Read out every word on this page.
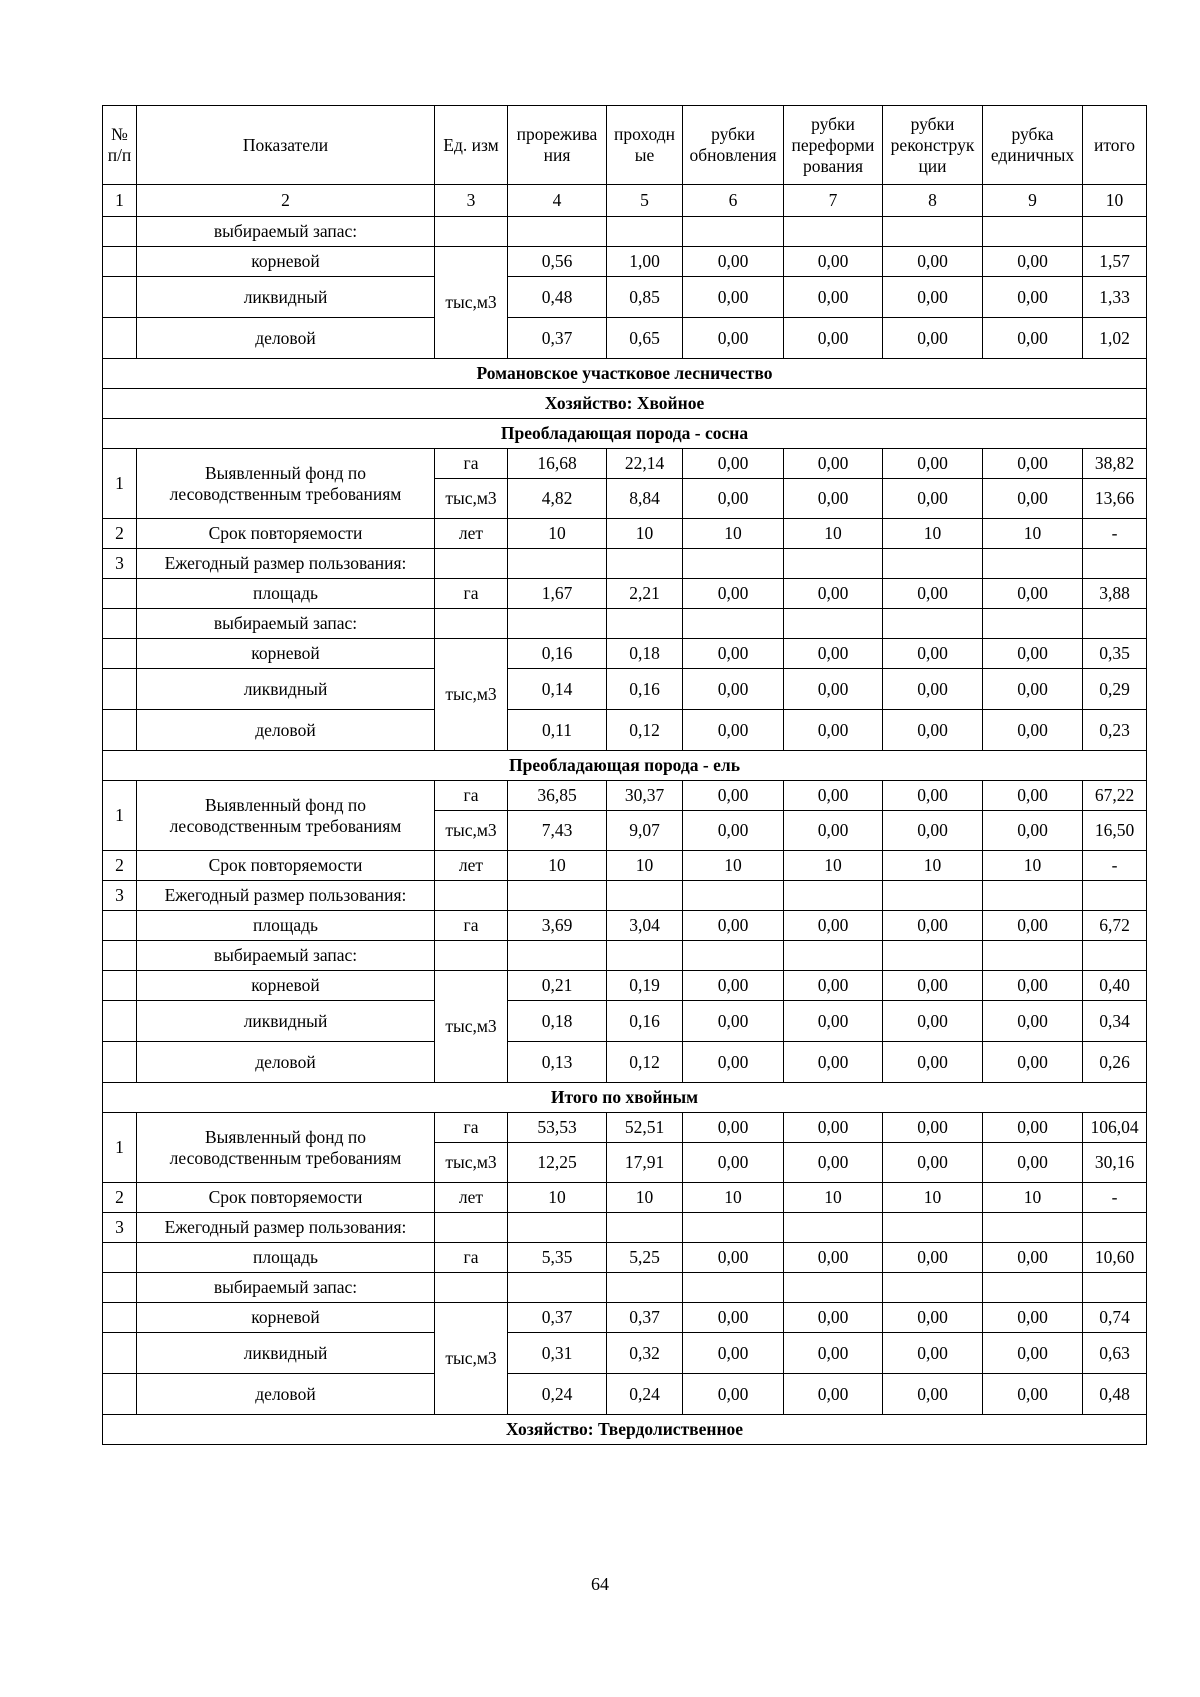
№ п/п	Показатели	Ед. изм	прорежива ния	проходн ые	рубки обновления	рубки переформи рования	рубки реконструк ции	рубка единичных	итого
1	2	3	4	5	6	7	8	9	10
	выбираемый запас:								
	корневой	тыс,м3	0,56	1,00	0,00	0,00	0,00	0,00	1,57
	ликвидный		0,48	0,85	0,00	0,00	0,00	0,00	1,33
	деловой		0,37	0,65	0,00	0,00	0,00	0,00	1,02
Романовское участковое лесничество									
Хозяйство: Хвойное									
Преобладающая порода - сосна									
1	Выявленный фонд по лесоводственным требованиям	га	16,68	22,14	0,00	0,00	0,00	0,00	38,82
		тыс,м3	4,82	8,84	0,00	0,00	0,00	0,00	13,66
2	Срок повторяемости	лет	10	10	10	10	10	10	-
3	Ежегодный размер пользования:								
	площадь	га	1,67	2,21	0,00	0,00	0,00	0,00	3,88
	выбираемый запас:								
	корневой	тыс,м3	0,16	0,18	0,00	0,00	0,00	0,00	0,35
	ликвидный		0,14	0,16	0,00	0,00	0,00	0,00	0,29
	деловой		0,11	0,12	0,00	0,00	0,00	0,00	0,23
Преобладающая порода - ель									
1	Выявленный фонд по лесоводственным требованиям	га	36,85	30,37	0,00	0,00	0,00	0,00	67,22
		тыс,м3	7,43	9,07	0,00	0,00	0,00	0,00	16,50
2	Срок повторяемости	лет	10	10	10	10	10	10	-
3	Ежегодный размер пользования:								
	площадь	га	3,69	3,04	0,00	0,00	0,00	0,00	6,72
	выбираемый запас:								
	корневой	тыс,м3	0,21	0,19	0,00	0,00	0,00	0,00	0,40
	ликвидный		0,18	0,16	0,00	0,00	0,00	0,00	0,34
	деловой		0,13	0,12	0,00	0,00	0,00	0,00	0,26
Итого по хвойным									
1	Выявленный фонд по лесоводственным требованиям	га	53,53	52,51	0,00	0,00	0,00	0,00	106,04
		тыс,м3	12,25	17,91	0,00	0,00	0,00	0,00	30,16
2	Срок повторяемости	лет	10	10	10	10	10	10	-
3	Ежегодный размер пользования:								
	площадь	га	5,35	5,25	0,00	0,00	0,00	0,00	10,60
	выбираемый запас:								
	корневой	тыс,м3	0,37	0,37	0,00	0,00	0,00	0,00	0,74
	ликвидный		0,31	0,32	0,00	0,00	0,00	0,00	0,63
	деловой		0,24	0,24	0,00	0,00	0,00	0,00	0,48
Хозяйство: Твердолиственное									
64
